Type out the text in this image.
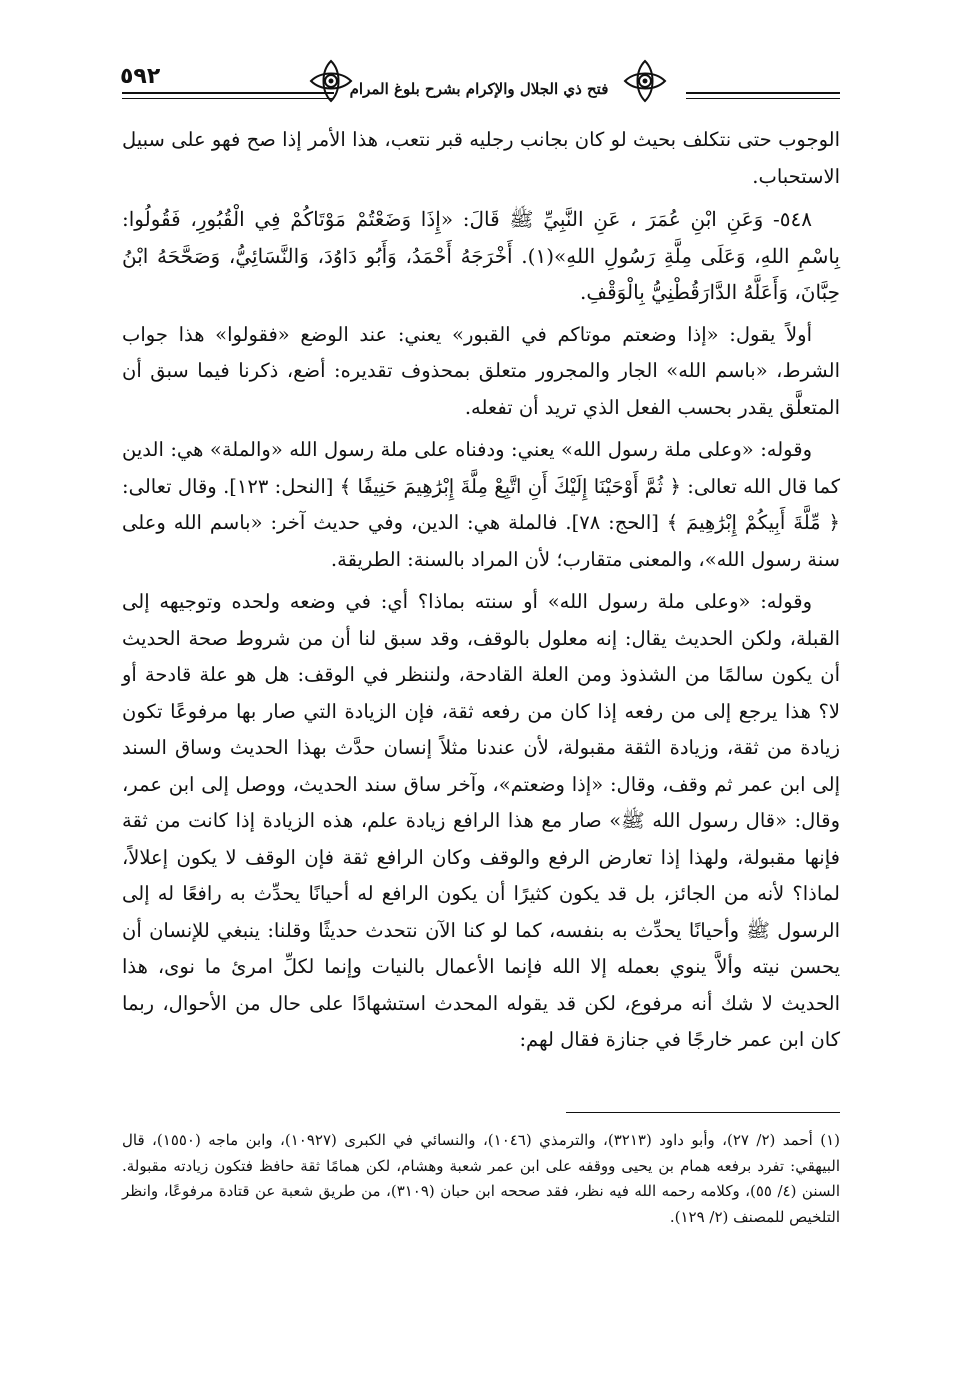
فتح ذي الجلال والإكرام بشرح بلوغ المرام
٥٩٢

الوجوب حتى نتكلف بحيث لو كان بجانب رجليه قبر نتعب، هذا الأمر إذا صح فهو على سبيل الاستحباب.

٥٤٨- وَعَنِ ابْنِ عُمَرَ ، عَنِ النَّبِيِّ ﷺ قَالَ: «إِذَا وَضَعْتُمْ مَوْتَاكُمْ فِي الْقُبُورِ، فَقُولُوا: بِاسْمِ اللهِ، وَعَلَى مِلَّةِ رَسُولِ اللهِ»(١). أَخْرَجَهُ أَحْمَدُ، وَأَبُو دَاوُدَ، وَالنَّسَائِيُّ، وَصَحَّحَهُ ابْنُ حِبَّانَ، وَأَعَلَّهُ الدَّارَقُطْنِيُّ بِالْوَقْفِ.

أولاً يقول: «إذا وضعتم موتاكم في القبور» يعني: عند الوضع «فقولوا» هذا جواب الشرط، «باسم الله» الجار والمجرور متعلق بمحذوف تقديره: أضع، ذكرنا فيما سبق أن المتعلَّق يقدر بحسب الفعل الذي تريد أن تفعله.

وقوله: «وعلى ملة رسول الله» يعني: ودفناه على ملة رسول الله «والملة» هي: الدين كما قال الله تعالى: ﴿ ثُمَّ أَوْحَيْنَا إِلَيْكَ أَنِ اتَّبِعْ مِلَّةَ إِبْرَٰهِيمَ حَنِيفًا ﴾ [النحل: ١٢٣]. وقال تعالى: ﴿ مِّلَّةَ أَبِيكُمْ إِبْرَٰهِيمَ ﴾ [الحج: ٧٨]. فالملة هي: الدين، وفي حديث آخر: «باسم الله وعلى سنة رسول الله»، والمعنى متقارب؛ لأن المراد بالسنة: الطريقة.

وقوله: «وعلى ملة رسول الله» أو سنته بماذا؟ أي: في وضعه ولحده وتوجيهه إلى القبلة، ولكن الحديث يقال: إنه معلول بالوقف، وقد سبق لنا أن من شروط صحة الحديث أن يكون سالمًا من الشذوذ ومن العلة القادحة، ولننظر في الوقف: هل هو علة قادحة أو لا؟ هذا يرجع إلى من رفعه إذا كان من رفعه ثقة، فإن الزيادة التي صار بها مرفوعًا تكون زيادة من ثقة، وزيادة الثقة مقبولة، لأن عندنا مثلاً إنسان حدَّث بهذا الحديث وساق السند إلى ابن عمر ثم وقف، وقال: «إذا وضعتم»، وآخر ساق سند الحديث، ووصل إلى ابن عمر، وقال: «قال رسول الله ﷺ» صار مع هذا الرافع زيادة علم، هذه الزيادة إذا كانت من ثقة فإنها مقبولة، ولهذا إذا تعارض الرفع والوقف وكان الرافع ثقة فإن الوقف لا يكون إعلالاً، لماذا؟ لأنه من الجائز، بل قد يكون كثيرًا أن يكون الرافع له أحيانًا يحدِّث به رافعًا له إلى الرسول ﷺ وأحيانًا يحدِّث به بنفسه، كما لو كنا الآن نتحدث حديثًا وقلنا: ينبغي للإنسان أن يحسن نيته وألاَّ ينوي بعمله إلا الله فإنما الأعمال بالنيات وإنما لكلِّ امرئ ما نوى، هذا الحديث لا شك أنه مرفوع، لكن قد يقوله المحدث استشهادًا على حال من الأحوال، ربما كان ابن عمر خارجًا في جنازة فقال لهم:

(١) أحمد (٢/ ٢٧)، وأبو داود (٣٢١٣)، والترمذي (١٠٤٦)، والنسائي في الكبرى (١٠٩٢٧)، وابن ماجه (١٥٥٠)، قال البيهقي: تفرد برفعه همام بن يحيى ووقفه على ابن عمر شعبة وهشام، لكن همامًا ثقة حافظ فتكون زيادته مقبولة. السنن (٤/ ٥٥)، وكلامه رحمه الله فيه نظر، فقد صححه ابن حبان (٣١٠٩)، من طريق شعبة عن قتادة مرفوعًا، وانظر التلخيص للمصنف (٢/ ١٢٩).
